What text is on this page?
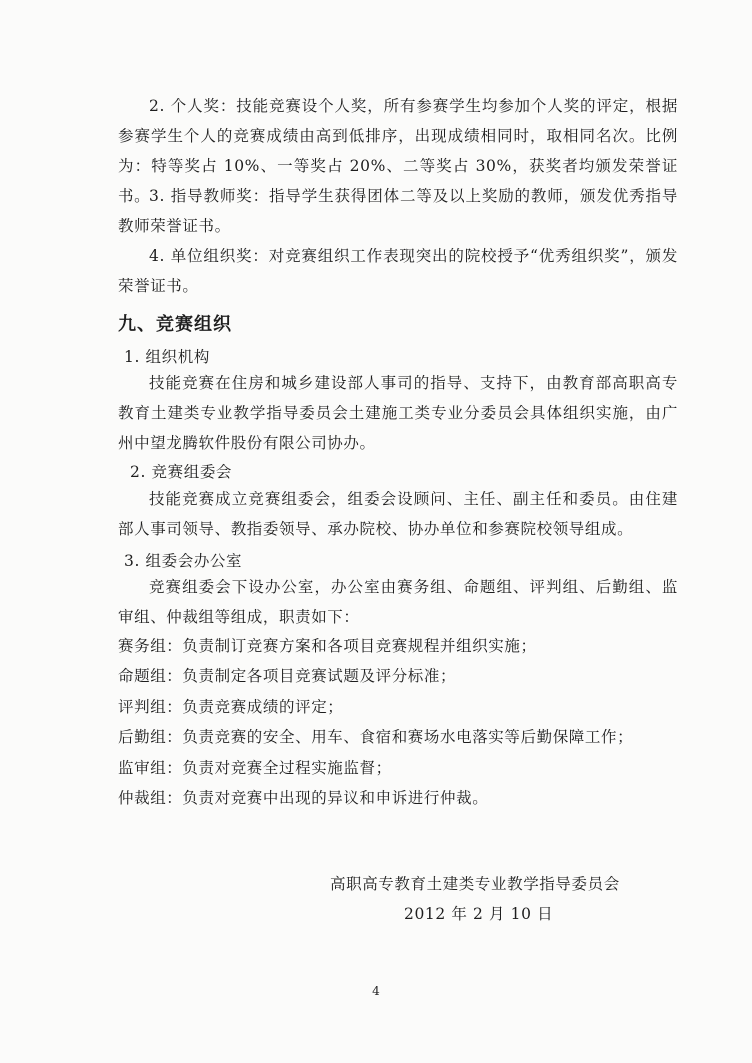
2. 个人奖：技能竞赛设个人奖，所有参赛学生均参加个人奖的评定，根据参赛学生个人的竞赛成绩由高到低排序，出现成绩相同时，取相同名次。比例为：特等奖占 10%、一等奖占 20%、二等奖占 30%，获奖者均颁发荣誉证书。

3. 指导教师奖：指导学生获得团体二等及以上奖励的教师，颁发优秀指导教师荣誉证书。

4. 单位组织奖：对竞赛组织工作表现突出的院校授予“优秀组织奖”，颁发荣誉证书。

九、竞赛组织

1. 组织机构

技能竞赛在住房和城乡建设部人事司的指导、支持下，由教育部高职高专教育土建类专业教学指导委员会土建施工类专业分委员会具体组织实施，由广州中望龙腾软件股份有限公司协办。

2. 竞赛组委会

技能竞赛成立竞赛组委会，组委会设顾问、主任、副主任和委员。由住建部人事司领导、教指委领导、承办院校、协办单位和参赛院校领导组成。

3. 组委会办公室

竞赛组委会下设办公室，办公室由赛务组、命题组、评判组、后勤组、监审组、仲裁组等组成，职责如下：

赛务组：负责制订竞赛方案和各项目竞赛规程并组织实施；

命题组：负责制定各项目竞赛试题及评分标准；

评判组：负责竞赛成绩的评定；

后勤组：负责竞赛的安全、用车、食宿和赛场水电落实等后勤保障工作；

监审组：负责对竞赛全过程实施监督；

仲裁组：负责对竞赛中出现的异议和申诉进行仲裁。

高职高专教育土建类专业教学指导委员会
2012 年 2 月 10 日
4
